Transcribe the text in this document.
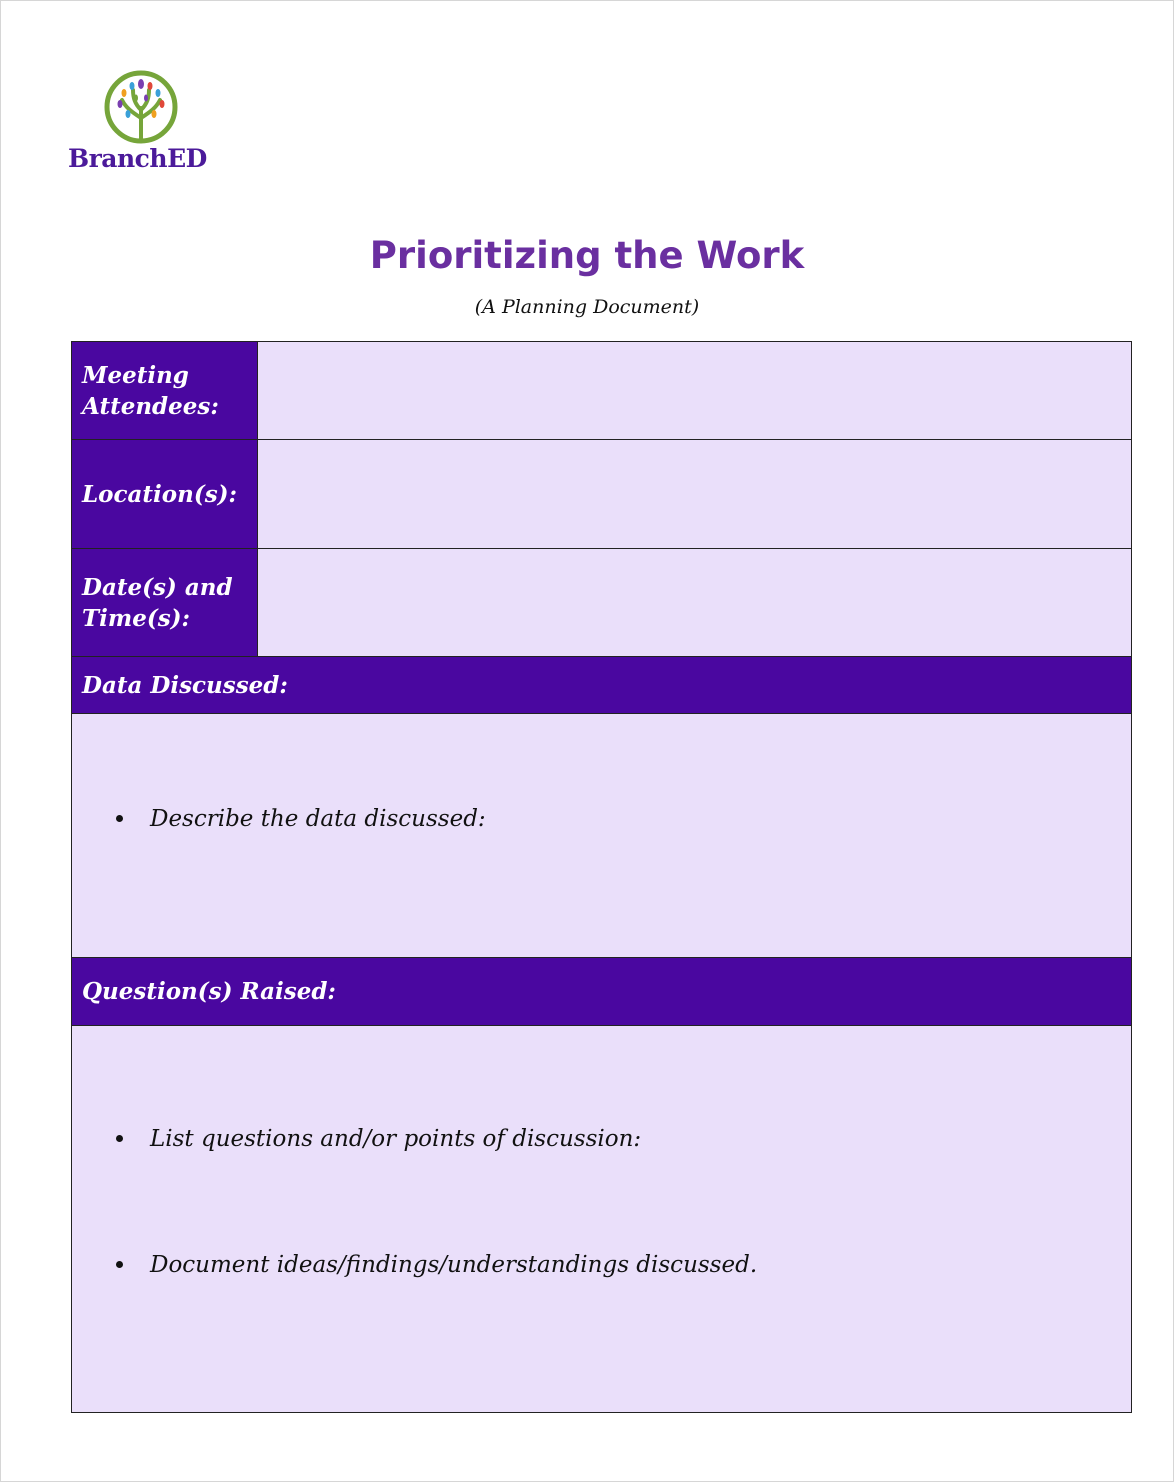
BranchED
Prioritizing the Work
(A Planning Document)
Meeting Attendees:	
Location(s):	
Date(s) and Time(s):	
Data Discussed:	

Describe the data discussed:	

Question(s) Raised:	

List questions and/or points of discussion:
Document ideas/findings/understandings discussed.	
